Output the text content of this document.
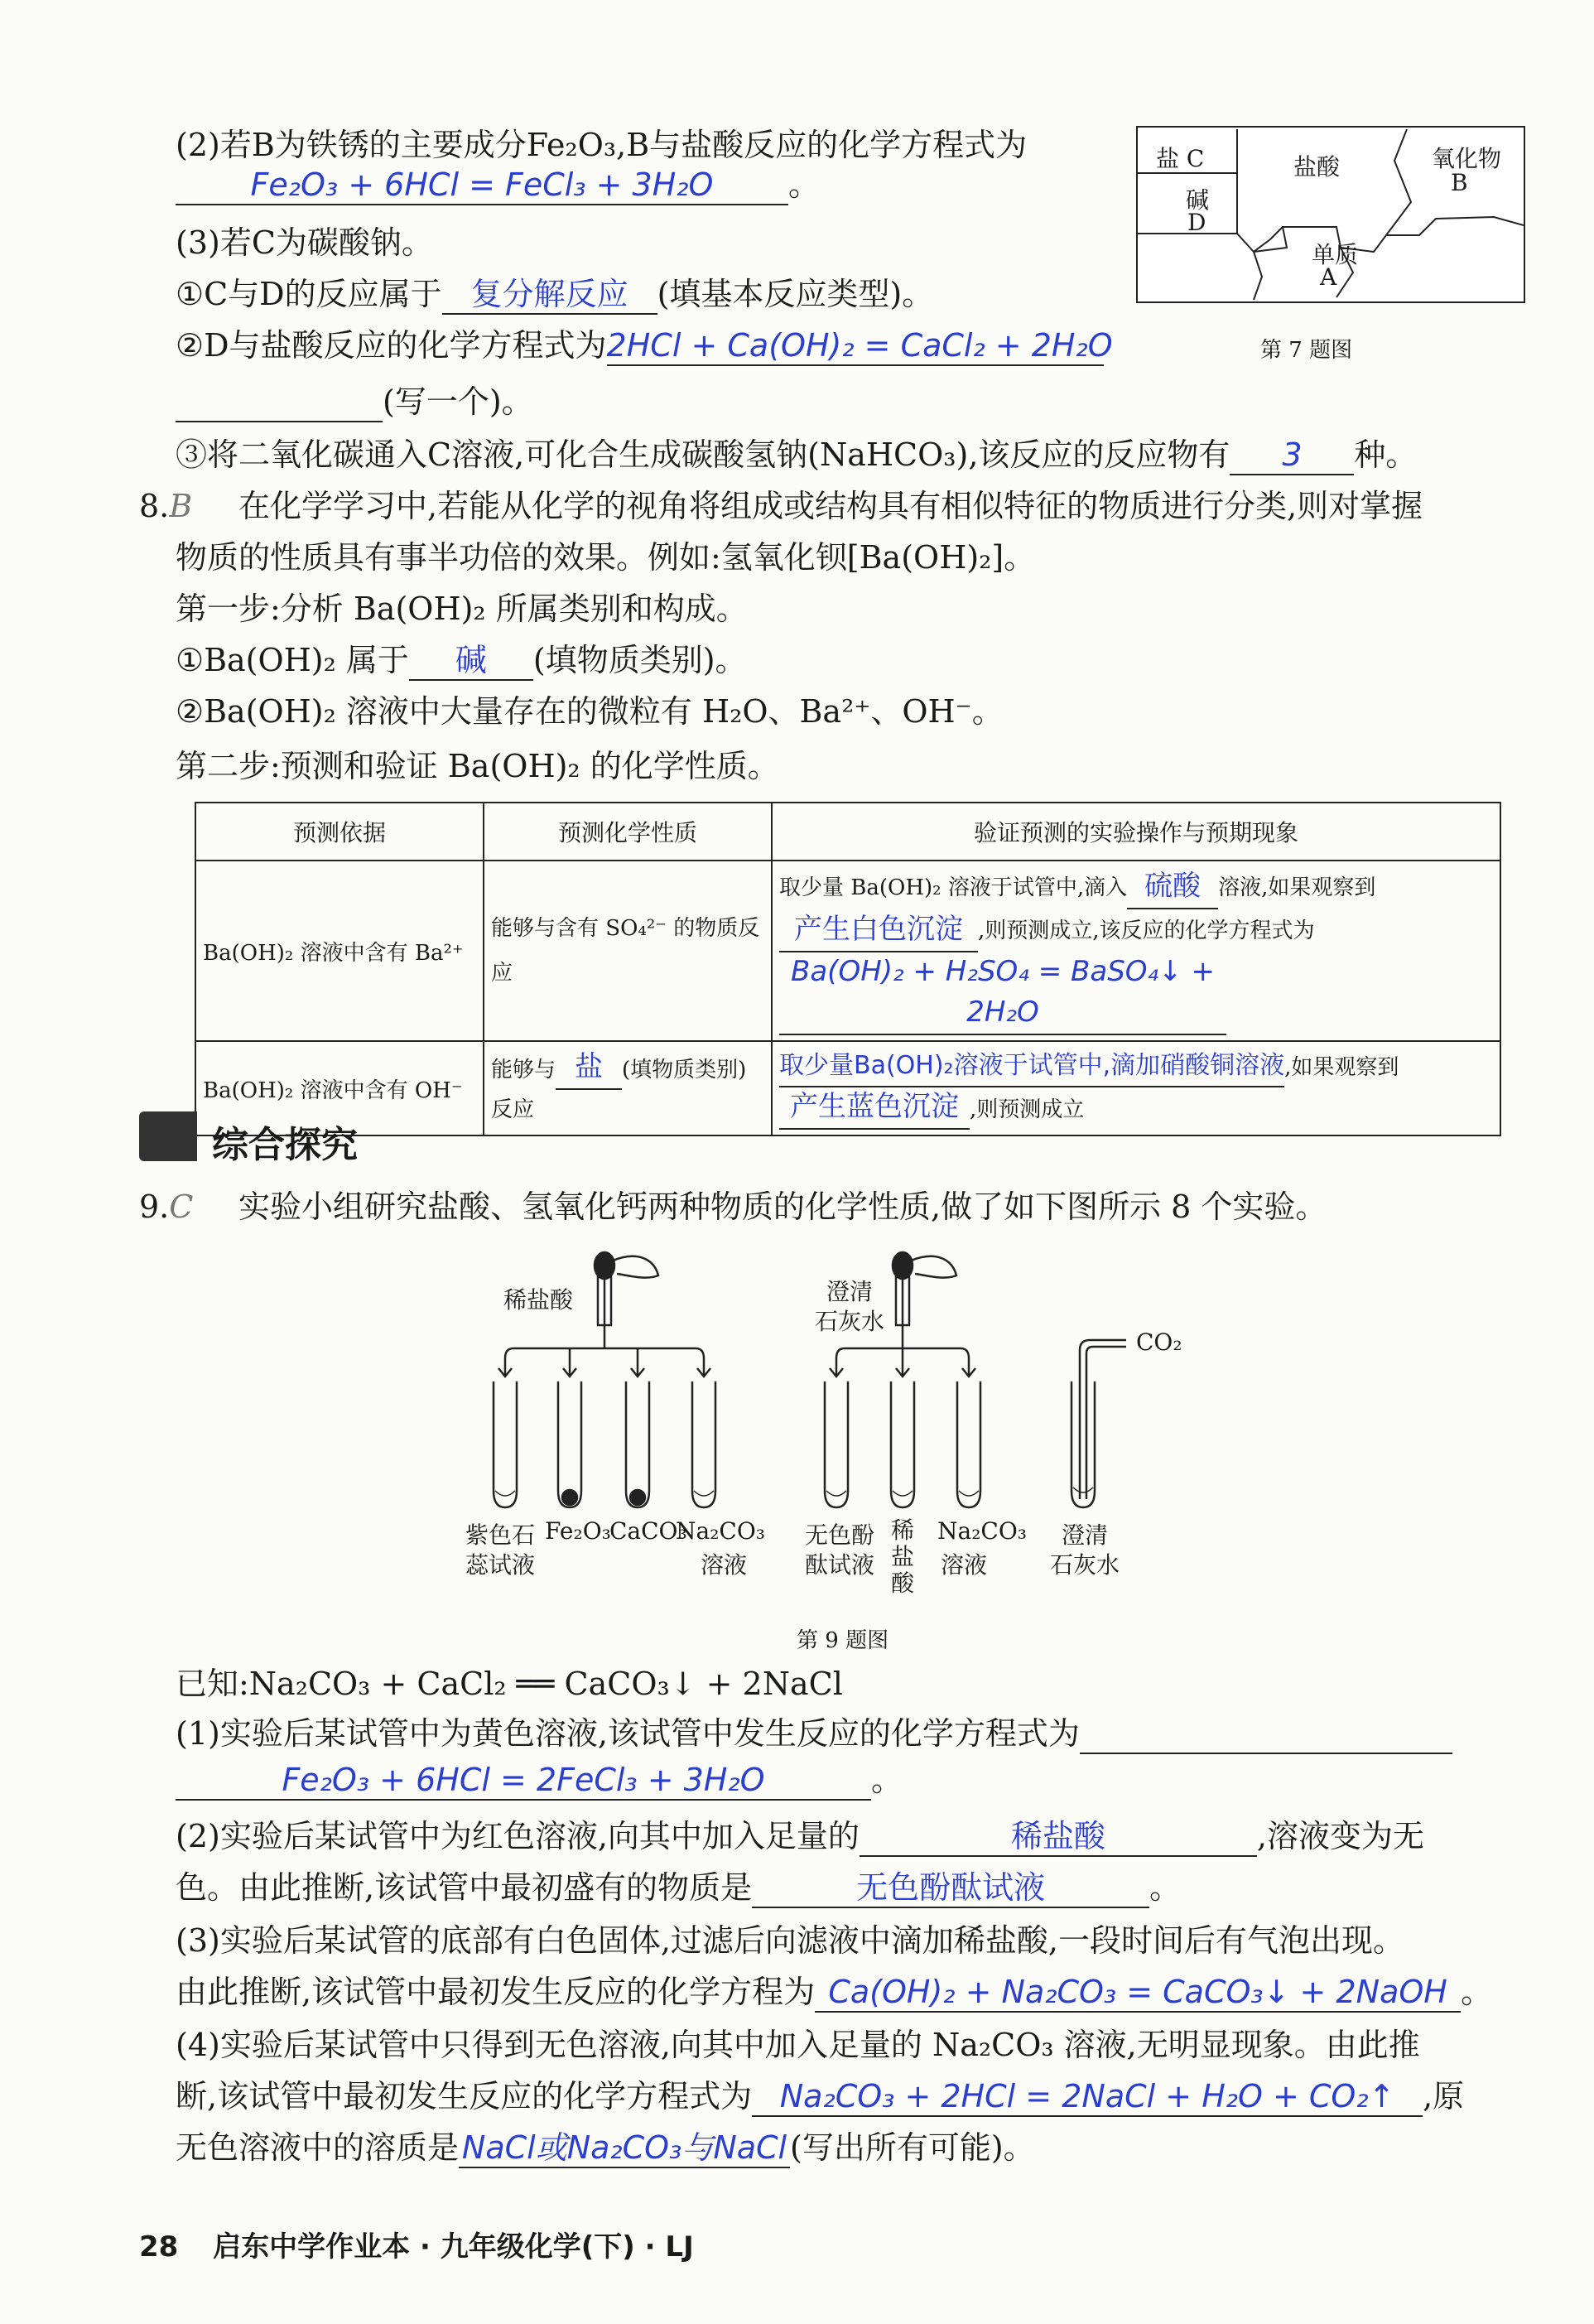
(2)若B为铁锈的主要成分Fe₂O₃,B与盐酸反应的化学方程式为
Fe₂O₃ + 6HCl = FeCl₃ + 3H₂O 。
(3)若C为碳酸钠。
①C与D的反应属于 复分解反应 (填基本反应类型)。
②D与盐酸反应的化学方程式为2HCl + Ca(OH)₂ = CaCl₂ + 2H₂O
(写一个)。
③将二氧化碳通入C溶液,可化合生成碳酸氢钠(NaHCO₃),该反应的反应物有 3 种。
盐 C	盐酸	氧化物
B
碱
D
单质
A
第 7 题图
8.B 在化学学习中,若能从化学的视角将组成或结构具有相似特征的物质进行分类,则对掌握
物质的性质具有事半功倍的效果。例如:氢氧化钡[Ba(OH)₂]。
第一步:分析 Ba(OH)₂ 所属类别和构成。
①Ba(OH)₂ 属于 碱 (填物质类别)。
②Ba(OH)₂ 溶液中大量存在的微粒有 H₂O、Ba²⁺、OH⁻。
第二步:预测和验证 Ba(OH)₂ 的化学性质。
预测依据	预测化学性质	验证预测的实验操作与预期现象
Ba(OH)₂ 溶液中含有 Ba²⁺	能够与含有 SO₄²⁻ 的物质反应	取少量 Ba(OH)₂ 溶液于试管中,滴入 硫酸 溶液,如果观察到
产生白色沉淀 ,则预测成立,该反应的化学方程式为
Ba(OH)₂ + H₂SO₄ = BaSO₄↓ + 2H₂O
Ba(OH)₂ 溶液中含有 OH⁻	能够与 盐 (填物质类别)反应	取少量Ba(OH)₂溶液于试管中,滴加硝酸铜溶液,如果观察到
产生蓝色沉淀 ,则预测成立
综合探究
9.C 实验小组研究盐酸、氢氧化钙两种物质的化学性质,做了如下图所示 8 个实验。
稀盐酸	澄清
石灰水
CO₂
紫色石
蕊试液
Fe₂O₃
CaCO₃
Na₂CO₃
溶液
无色酚
酞试液
稀盐酸
Na₂CO₃
溶液
澄清
石灰水
第 9 题图
已知:Na₂CO₃ + CaCl₂ ══ CaCO₃↓ + 2NaCl
(1)实验后某试管中为黄色溶液,该试管中发生反应的化学方程式为
Fe₂O₃ + 6HCl = 2FeCl₃ + 3H₂O	。
(2)实验后某试管中为红色溶液,向其中加入足量的	稀盐酸	,溶液变为无
色。由此推断,该试管中最初盛有的物质是	无色酚酞试液	。
(3)实验后某试管的底部有白色固体,过滤后向滤液中滴加稀盐酸,一段时间后有气泡出现。
由此推断,该试管中最初发生反应的化学方程为 Ca(OH)₂ + Na₂CO₃ = CaCO₃↓ + 2NaOH 。
(4)实验后某试管中只得到无色溶液,向其中加入足量的 Na₂CO₃ 溶液,无明显现象。由此推
断,该试管中最初发生反应的化学方程式为 Na₂CO₃ + 2HCl = 2NaCl + H₂O + CO₂↑ ,原
无色溶液中的溶质是 NaCl或Na₂CO₃与NaCl (写出所有可能)。
28 启东中学作业本 · 九年级化学(下) · LJ
